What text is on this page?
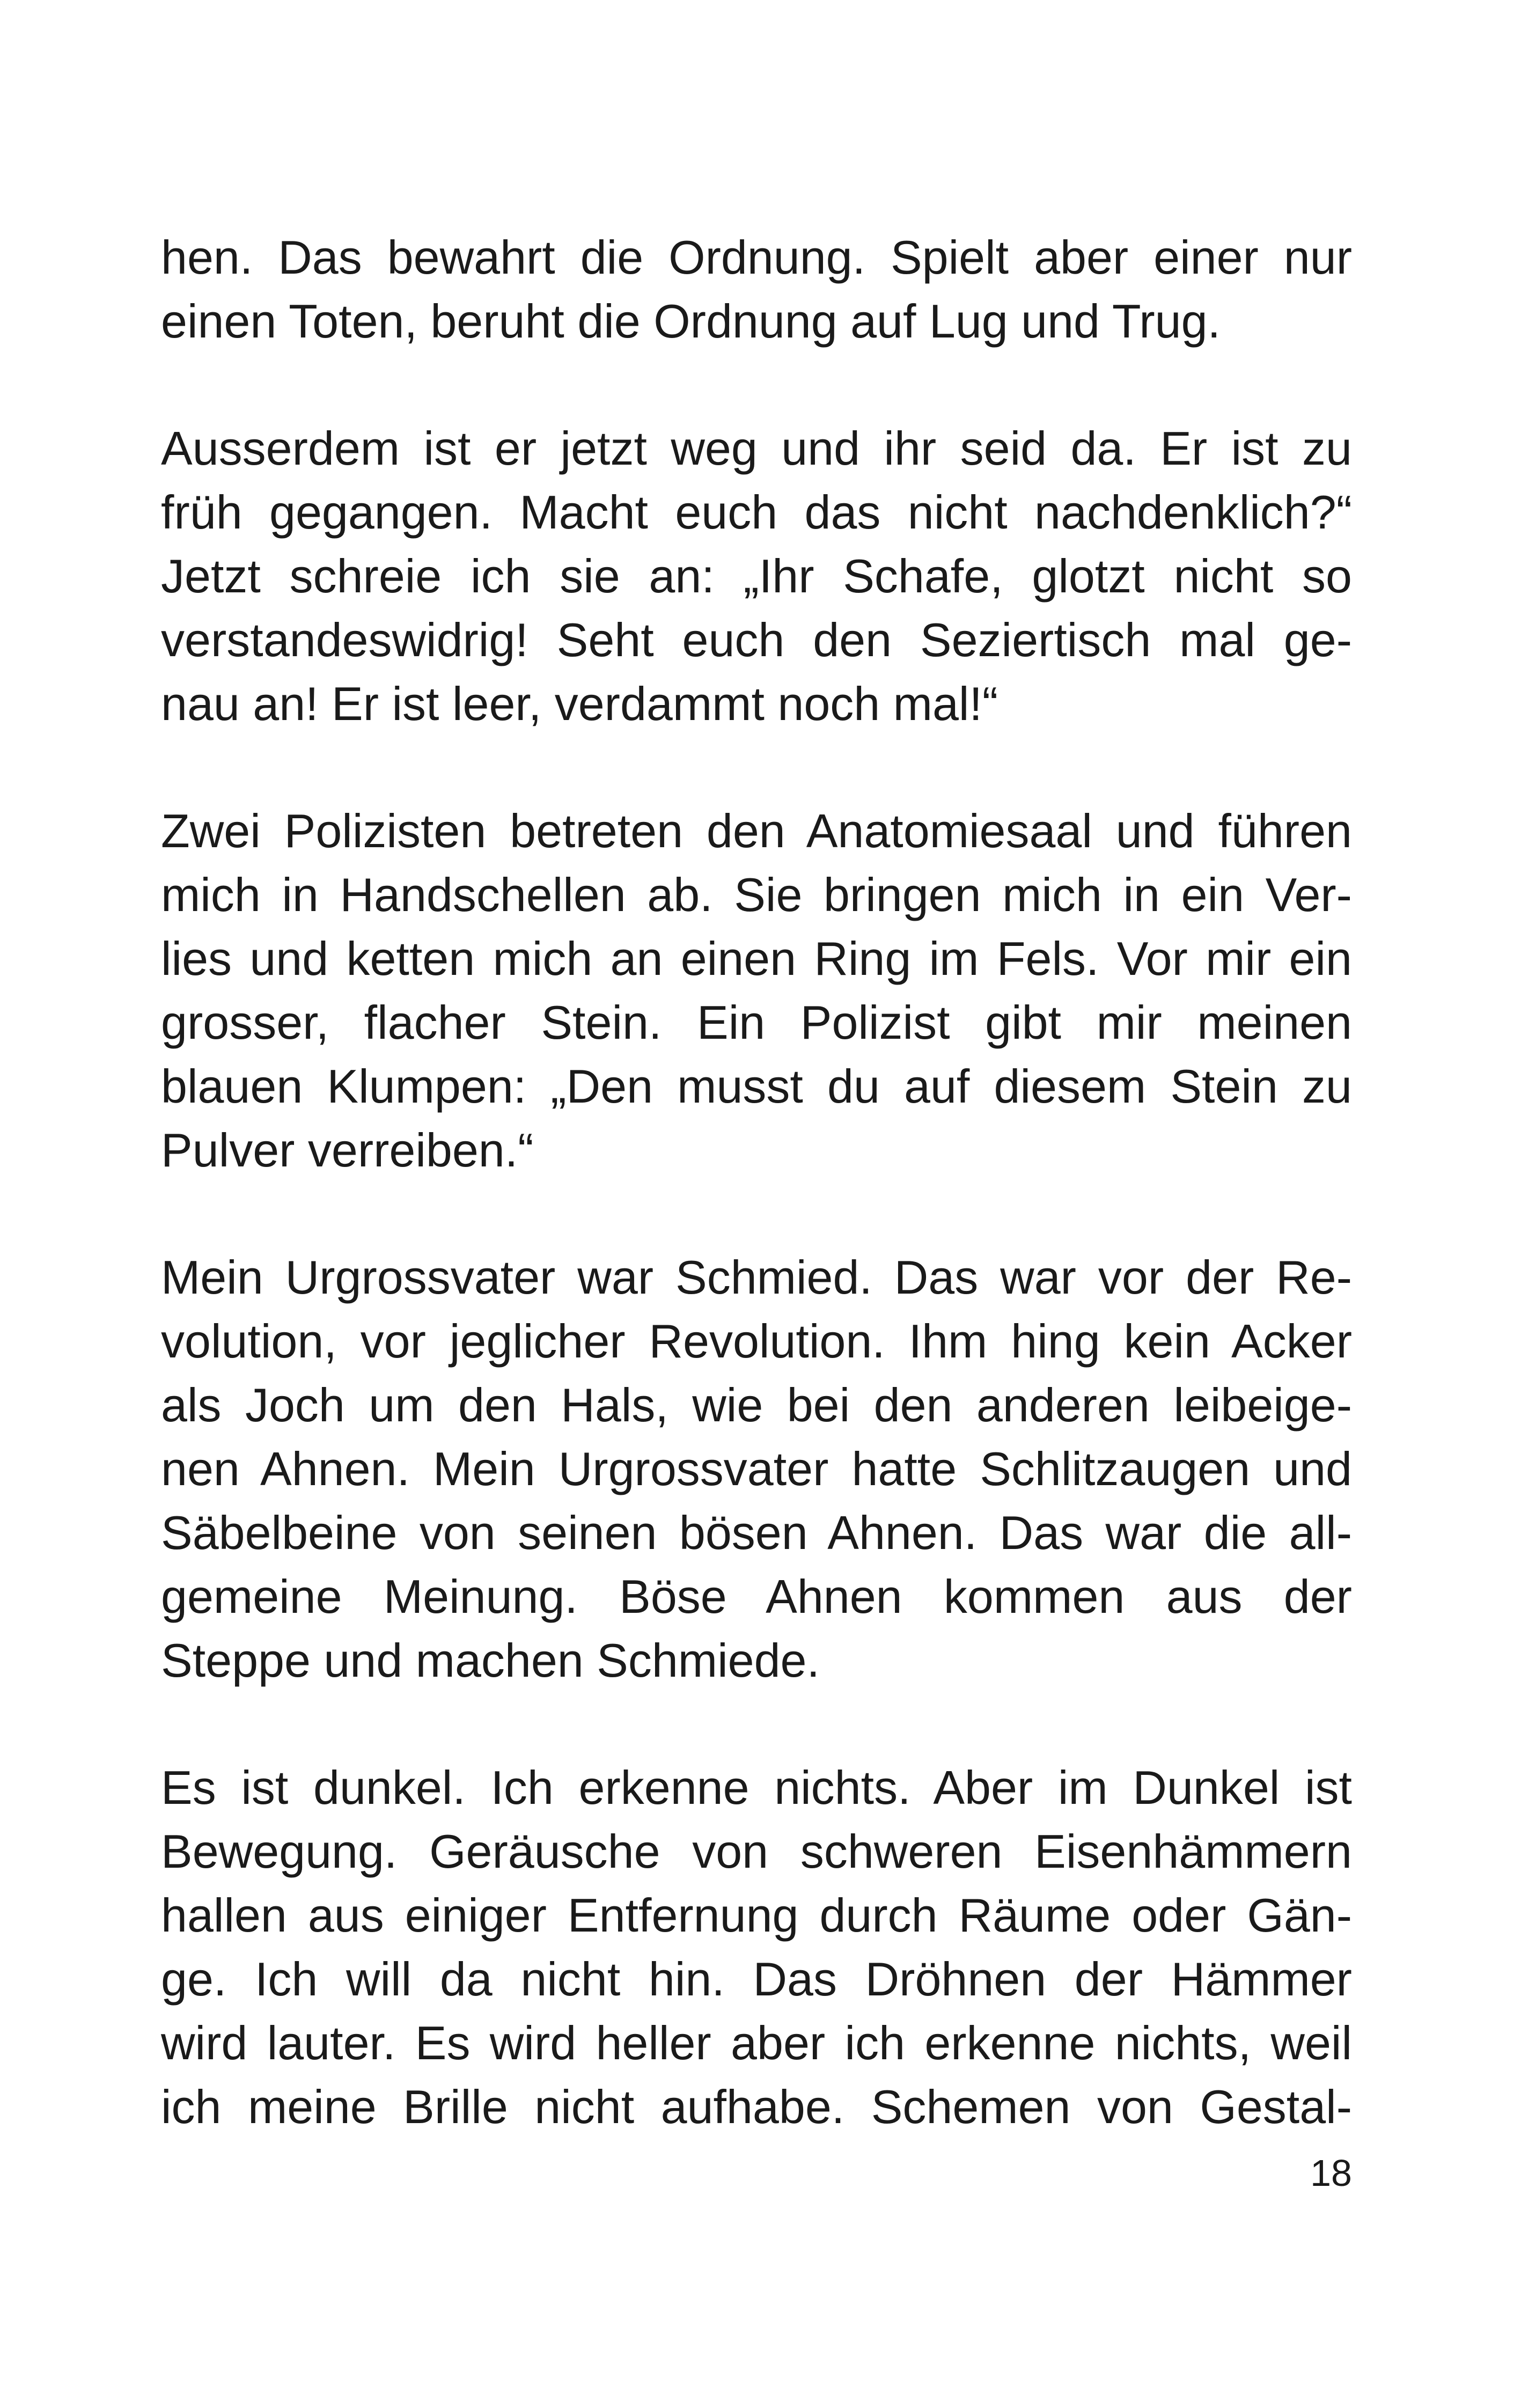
hen. Das bewahrt die Ordnung. Spielt aber einer nur
einen Toten, beruht die Ordnung auf Lug und Trug.

Ausserdem ist er jetzt weg und ihr seid da. Er ist zu
früh gegangen. Macht euch das nicht nachdenklich?“
Jetzt schreie ich sie an: „Ihr Schafe, glotzt nicht so
verstandeswidrig! Seht euch den Seziertisch mal ge-
nau an! Er ist leer, verdammt noch mal!“

Zwei Polizisten betreten den Anatomiesaal und führen
mich in Handschellen ab. Sie bringen mich in ein Ver-
lies und ketten mich an einen Ring im Fels. Vor mir ein
grosser, flacher Stein. Ein Polizist gibt mir meinen
blauen Klumpen: „Den musst du auf diesem Stein zu
Pulver verreiben.“

Mein Urgrossvater war Schmied. Das war vor der Re-
volution, vor jeglicher Revolution. Ihm hing kein Acker
als Joch um den Hals, wie bei den anderen leibeige-
nen Ahnen. Mein Urgrossvater hatte Schlitzaugen und
Säbelbeine von seinen bösen Ahnen. Das war die all-
gemeine Meinung. Böse Ahnen kommen aus der
Steppe und machen Schmiede.

Es ist dunkel. Ich erkenne nichts. Aber im Dunkel ist
Bewegung. Geräusche von schweren Eisenhämmern
hallen aus einiger Entfernung durch Räume oder Gän-
ge. Ich will da nicht hin. Das Dröhnen der Hämmer
wird lauter. Es wird heller aber ich erkenne nichts, weil
ich meine Brille nicht aufhabe. Schemen von Gestal-

18
